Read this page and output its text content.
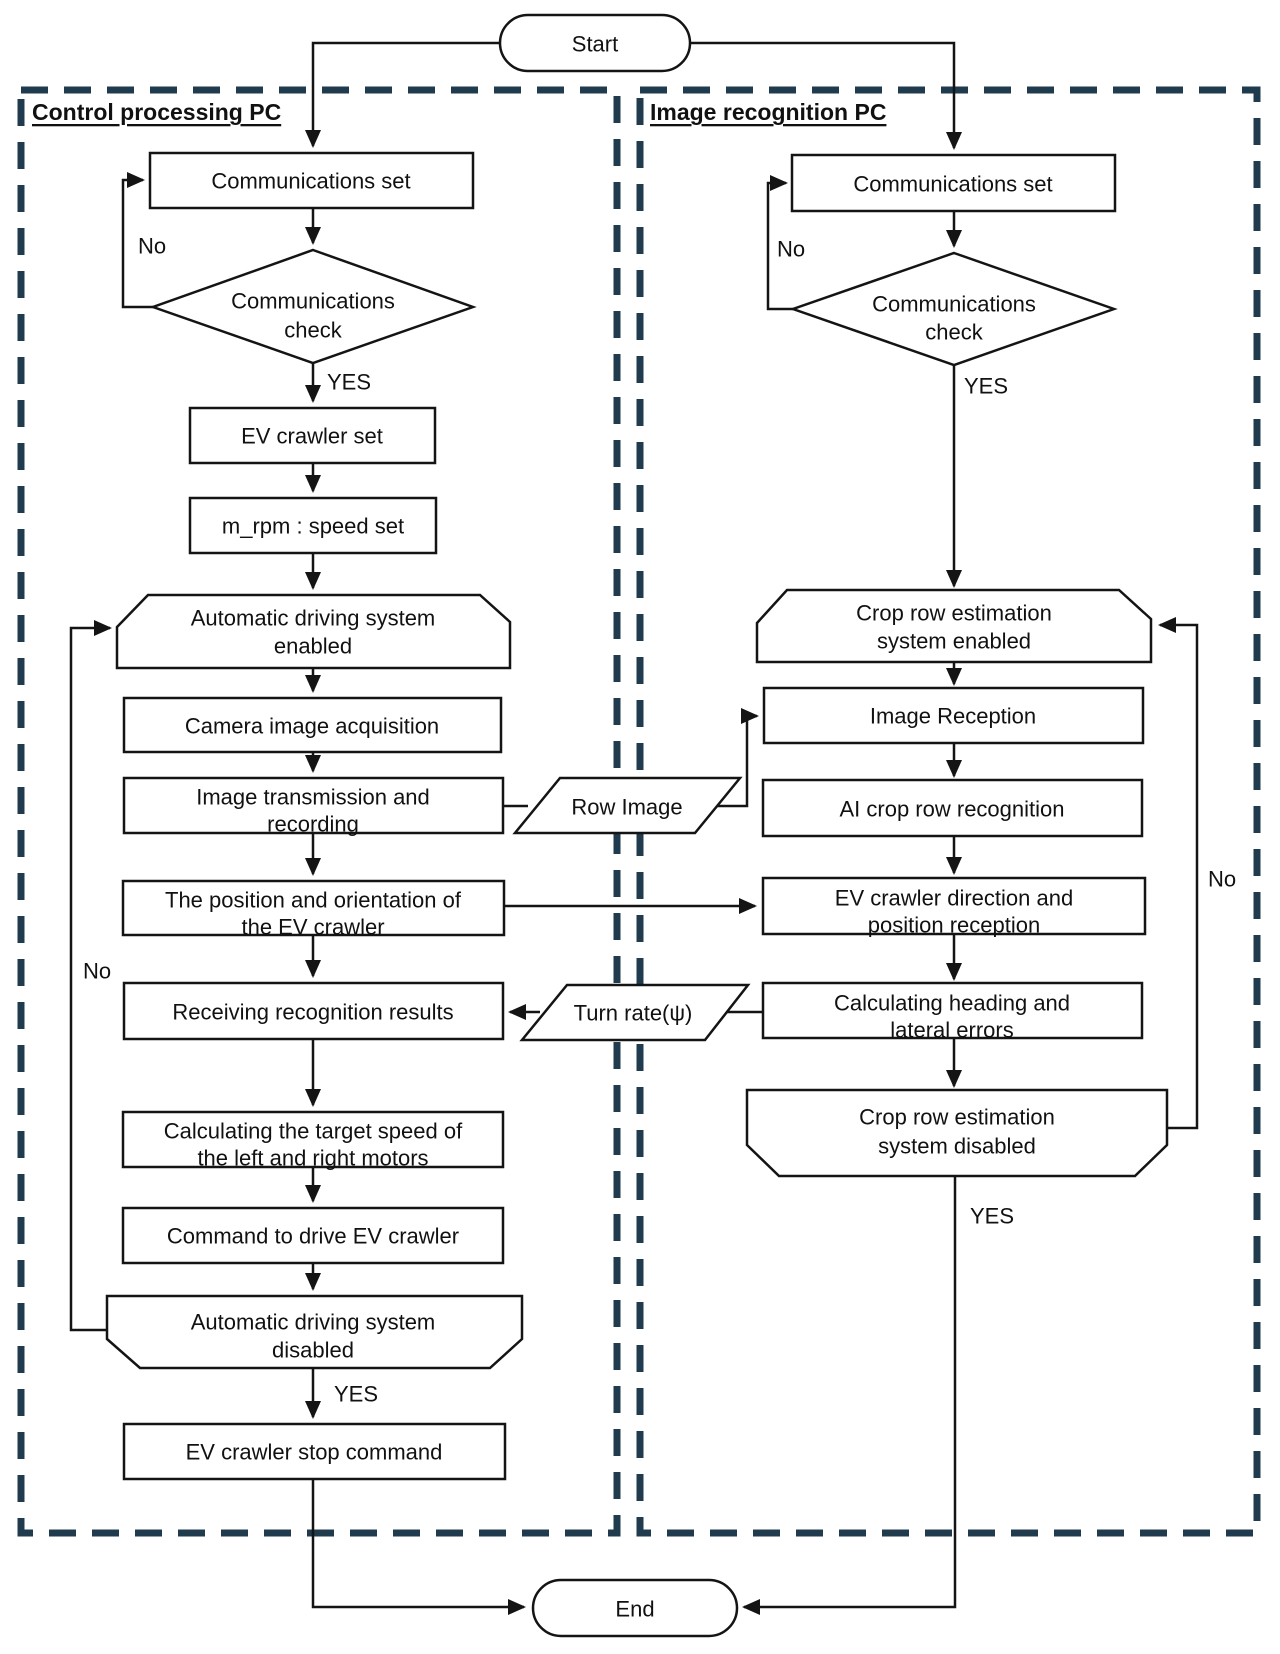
Control processing PC	Image recognition PC
Start
End
Communications set
Communications
check
No
YES
EV crawler set
m_rpm : speed set
Automatic driving system
enabled
Camera image acquisition
Image transmission and
recording
The position and orientation of
the EV crawler
Receiving recognition results
No
Calculating the target speed of
the left and right motors
Command to drive EV crawler
Automatic driving system
disabled
YES
EV crawler stop command
Row Image
Turn rate(ψ)
Communications set
Communications
check
No
YES
Crop row estimation
system enabled
Image Reception
AI crop row recognition
EV crawler direction and
position reception
Calculating heading and
lateral errors
No
Crop row estimation
system disabled
YES
